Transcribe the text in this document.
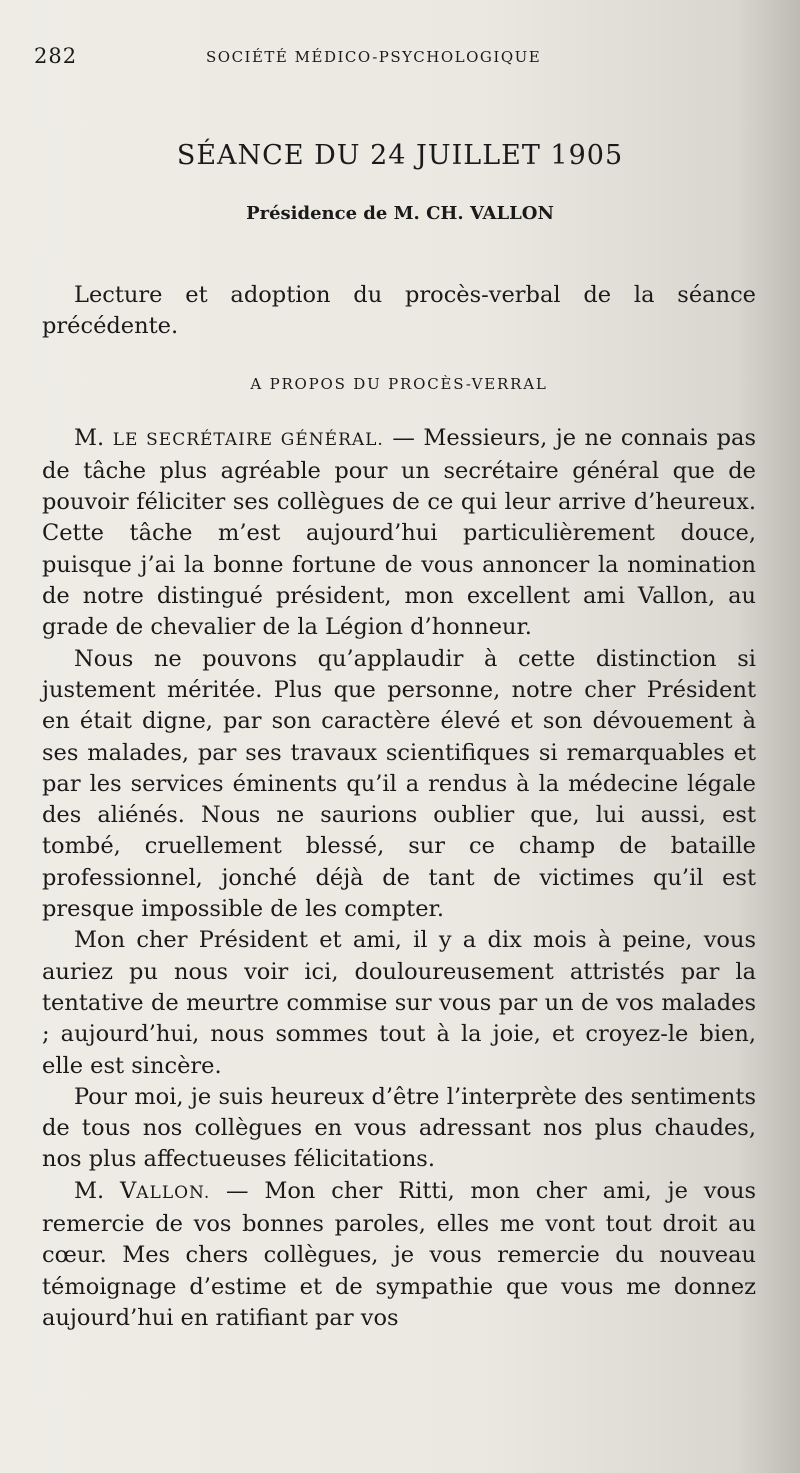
282	SOCIÉTÉ MÉDICO-PSYCHOLOGIQUE
SÉANCE DU 24 JUILLET 1905
Présidence de M. CH. VALLON

Lecture et adoption du procès-verbal de la séance précédente.

A PROPOS DU PROCÈS-VERRAL

M. LE SECRÉTAIRE GÉNÉRAL. — Messieurs, je ne connais pas de tâche plus agréable pour un secrétaire général que de pouvoir féliciter ses collègues de ce qui leur arrive d’heureux. Cette tâche m’est aujourd’hui particulièrement douce, puisque j’ai la bonne fortune de vous annoncer la nomination de notre distingué président, mon excellent ami Vallon, au grade de chevalier de la Légion d’honneur.

Nous ne pouvons qu’applaudir à cette distinction si justement méritée. Plus que personne, notre cher Président en était digne, par son caractère élevé et son dévouement à ses malades, par ses travaux scientifiques si remarquables et par les services éminents qu’il a rendus à la médecine légale des aliénés. Nous ne saurions oublier que, lui aussi, est tombé, cruellement blessé, sur ce champ de bataille professionnel, jonché déjà de tant de victimes qu’il est presque impossible de les compter.

Mon cher Président et ami, il y a dix mois à peine, vous auriez pu nous voir ici, douloureusement attristés par la tentative de meurtre commise sur vous par un de vos malades ; aujourd’hui, nous sommes tout à la joie, et croyez-le bien, elle est sincère.

Pour moi, je suis heureux d’être l’interprète des sentiments de tous nos collègues en vous adressant nos plus chaudes, nos plus affectueuses félicitations.

M. VALLON. — Mon cher Ritti, mon cher ami, je vous remercie de vos bonnes paroles, elles me vont tout droit au cœur. Mes chers collègues, je vous remercie du nouveau témoignage d’estime et de sympathie que vous me donnez aujourd’hui en ratifiant par vos
